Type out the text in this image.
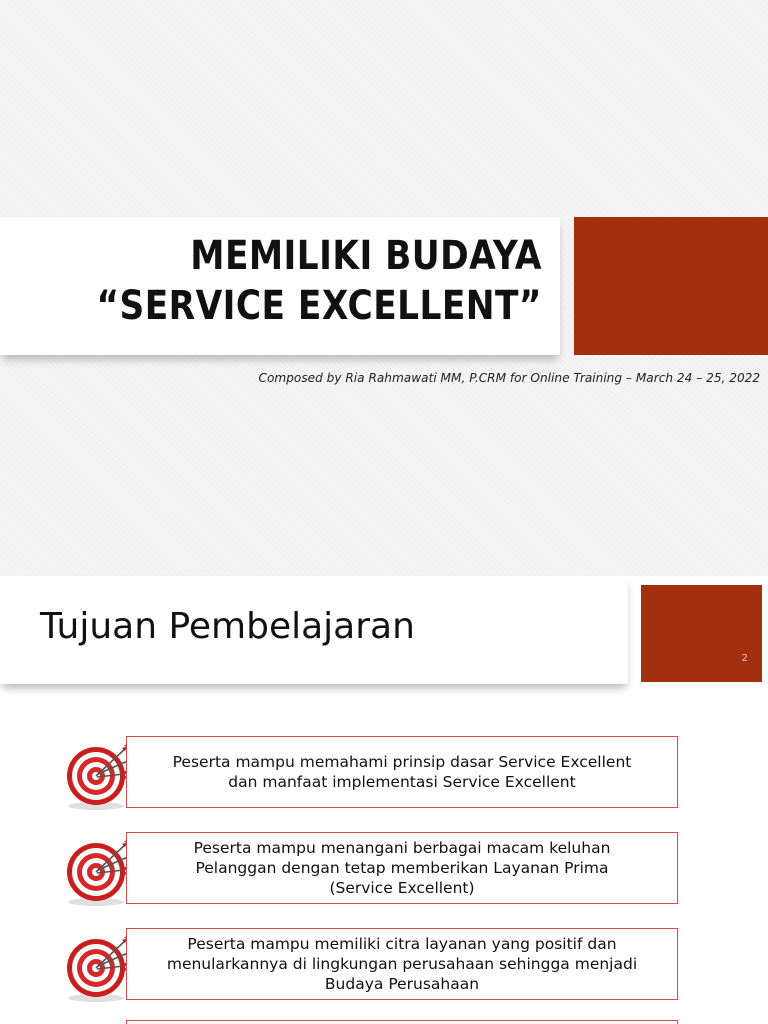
MEMILIKI BUDAYA
“SERVICE EXCELLENT”
Composed by Ria Rahmawati MM, P.CRM for Online Training – March 24 – 25, 2022
Tujuan Pembelajaran
2
Peserta mampu memahami prinsip dasar Service Excellent
dan manfaat implementasi Service Excellent
Peserta mampu menangani berbagai macam keluhan
Pelanggan dengan tetap memberikan Layanan Prima
(Service Excellent)
Peserta mampu memiliki citra layanan yang positif dan
menularkannya di lingkungan perusahaan sehingga menjadi
Budaya Perusahaan
